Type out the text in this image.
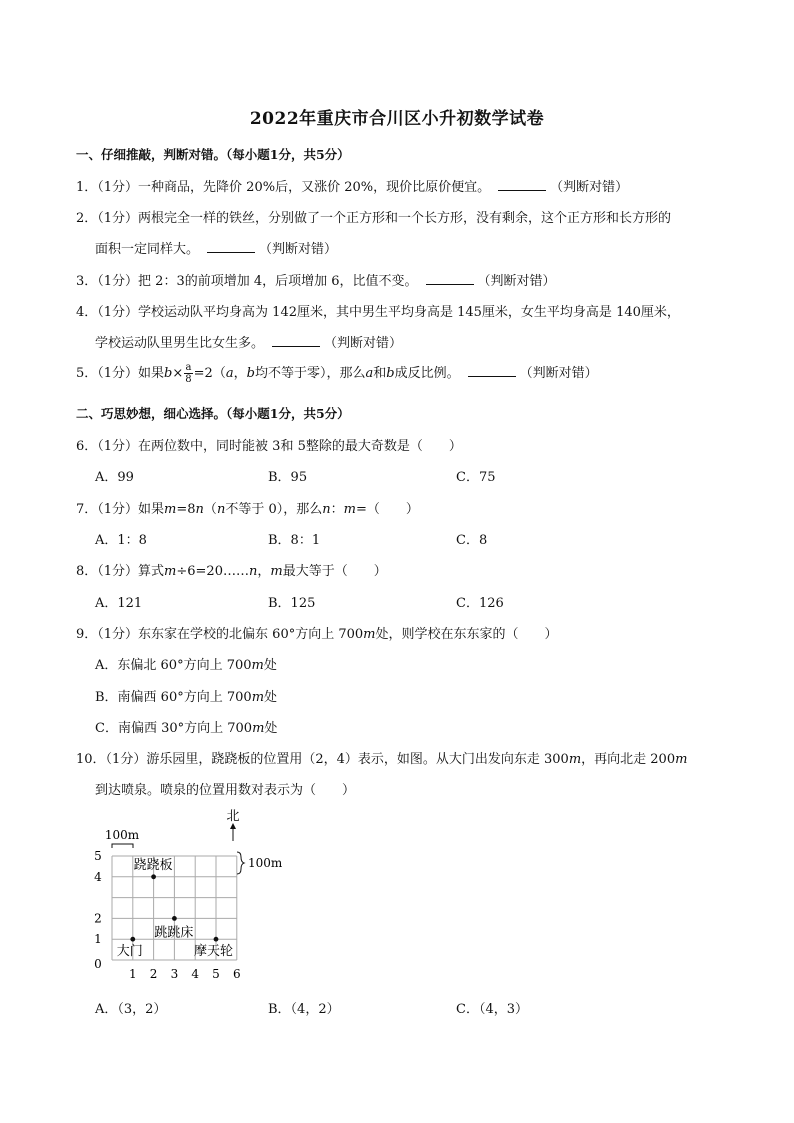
2022年重庆市合川区小升初数学试卷
一、仔细推敲，判断对错。（每小题1分，共5分）
1．（1分）一种商品，先降价 20%后，又涨价 20%，现价比原价便宜。	（判断对错）
2．（1分）两根完全一样的铁丝，分别做了一个正方形和一个长方形，没有剩余，这个正方形和长方形的
面积一定同样大。	（判断对错）
3．（1分）把 2：3的前项增加 4，后项增加 6，比值不变。	（判断对错）
4．（1分）学校运动队平均身高为 142厘米，其中男生平均身高是 145厘米，女生平均身高是 140厘米，
学校运动队里男生比女生多。	（判断对错）
5．（1分）如果$b\times \frac{a}{8} =2(a$，b均不等于零），那么a和b成反比例。	（判断对错）
二、巧思妙想，细心选择。（每小题1分，共5分）
6．（1分）在两位数中，同时能被 3和 5整除的最大奇数是（　　）
A．99	B．95	C．75
7．（1分）如果m=8n（n不等于 0），那么n：m=（　　）
A．1：8	B．8：1	C．8
8．（1分）算式m÷6=20……n，m最大等于（　　）
A．121	B．125	C．126
9．（1分）东东家在学校的北偏东 60°方向上 700m处，则学校在东东家的（　　）
A．东偏北 60°方向上 700m处
B．南偏西 60°方向上 700m处
C．南偏西 30°方向上 700m处
10．（1分）游乐园里，跷跷板的位置用（2，4）表示，如图。从大门出发向东走 300m，再向北走 200m
到达喷泉。喷泉的位置用数对表示为（　　）
北
100m
100m
1 2 3 4 5 6
0
1
2
4
5
跷跷板
跳跳床
大门	摩天轮
A．（3，2）	B．（4，2）	C．（4，3）
